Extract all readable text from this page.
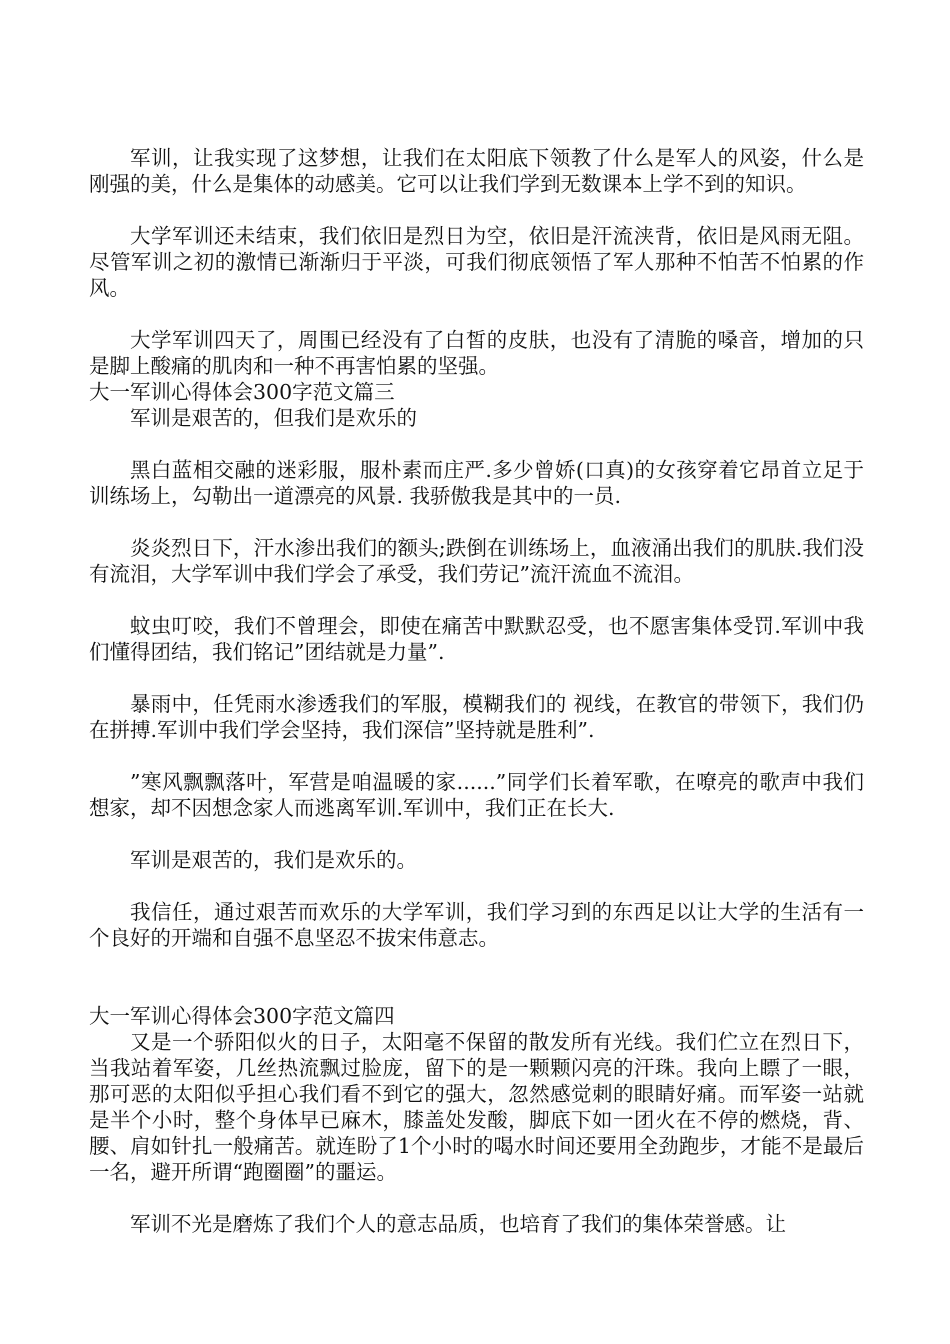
军训，让我实现了这梦想，让我们在太阳底下领教了什么是军人的风姿，什么是刚强的美，什么是集体的动感美。它可以让我们学到无数课本上学不到的知识。

大学军训还未结束，我们依旧是烈日为空，依旧是汗流浃背，依旧是风雨无阻。尽管军训之初的激情已渐渐归于平淡，可我们彻底领悟了军人那种不怕苦不怕累的作风。

大学军训四天了，周围已经没有了白皙的皮肤，也没有了清脆的嗓音，增加的只是脚上酸痛的肌肉和一种不再害怕累的坚强。

大一军训心得体会300字范文篇三

军训是艰苦的，但我们是欢乐的

黑白蓝相交融的迷彩服，服朴素而庄严.多少曾娇(口真)的女孩穿着它昂首立足于训练场上，勾勒出一道漂亮的风景. 我骄傲我是其中的一员.

炎炎烈日下，汗水渗出我们的额头;跌倒在训练场上，血液涌出我们的肌肤.我们没有流泪，大学军训中我们学会了承受，我们劳记”流汗流血不流泪。

蚊虫叮咬，我们不曾理会，即使在痛苦中默默忍受，也不愿害集体受罚.军训中我们懂得团结，我们铭记”团结就是力量”.

暴雨中，任凭雨水渗透我们的军服，模糊我们的 视线，在教官的带领下，我们仍在拼搏.军训中我们学会坚持，我们深信”坚持就是胜利”.

”寒风飘飘落叶，军营是咱温暖的家......”同学们长着军歌，在嘹亮的歌声中我们想家，却不因想念家人而逃离军训.军训中，我们正在长大.

军训是艰苦的，我们是欢乐的。

我信任，通过艰苦而欢乐的大学军训，我们学习到的东西足以让大学的生活有一个良好的开端和自强不息坚忍不拔宋伟意志。

大一军训心得体会300字范文篇四

又是一个骄阳似火的日子，太阳毫不保留的散发所有光线。我们伫立在烈日下，当我站着军姿，几丝热流飘过脸庞，留下的是一颗颗闪亮的汗珠。我向上瞟了一眼，那可恶的太阳似乎担心我们看不到它的强大，忽然感觉刺的眼睛好痛。而军姿一站就是半个小时，整个身体早已麻木，膝盖处发酸，脚底下如一团火在不停的燃烧，背、腰、肩如针扎一般痛苦。就连盼了1个小时的喝水时间还要用全劲跑步，才能不是最后一名，避开所谓“跑圈圈”的噩运。

军训不光是磨炼了我们个人的意志品质，也培育了我们的集体荣誉感。让
